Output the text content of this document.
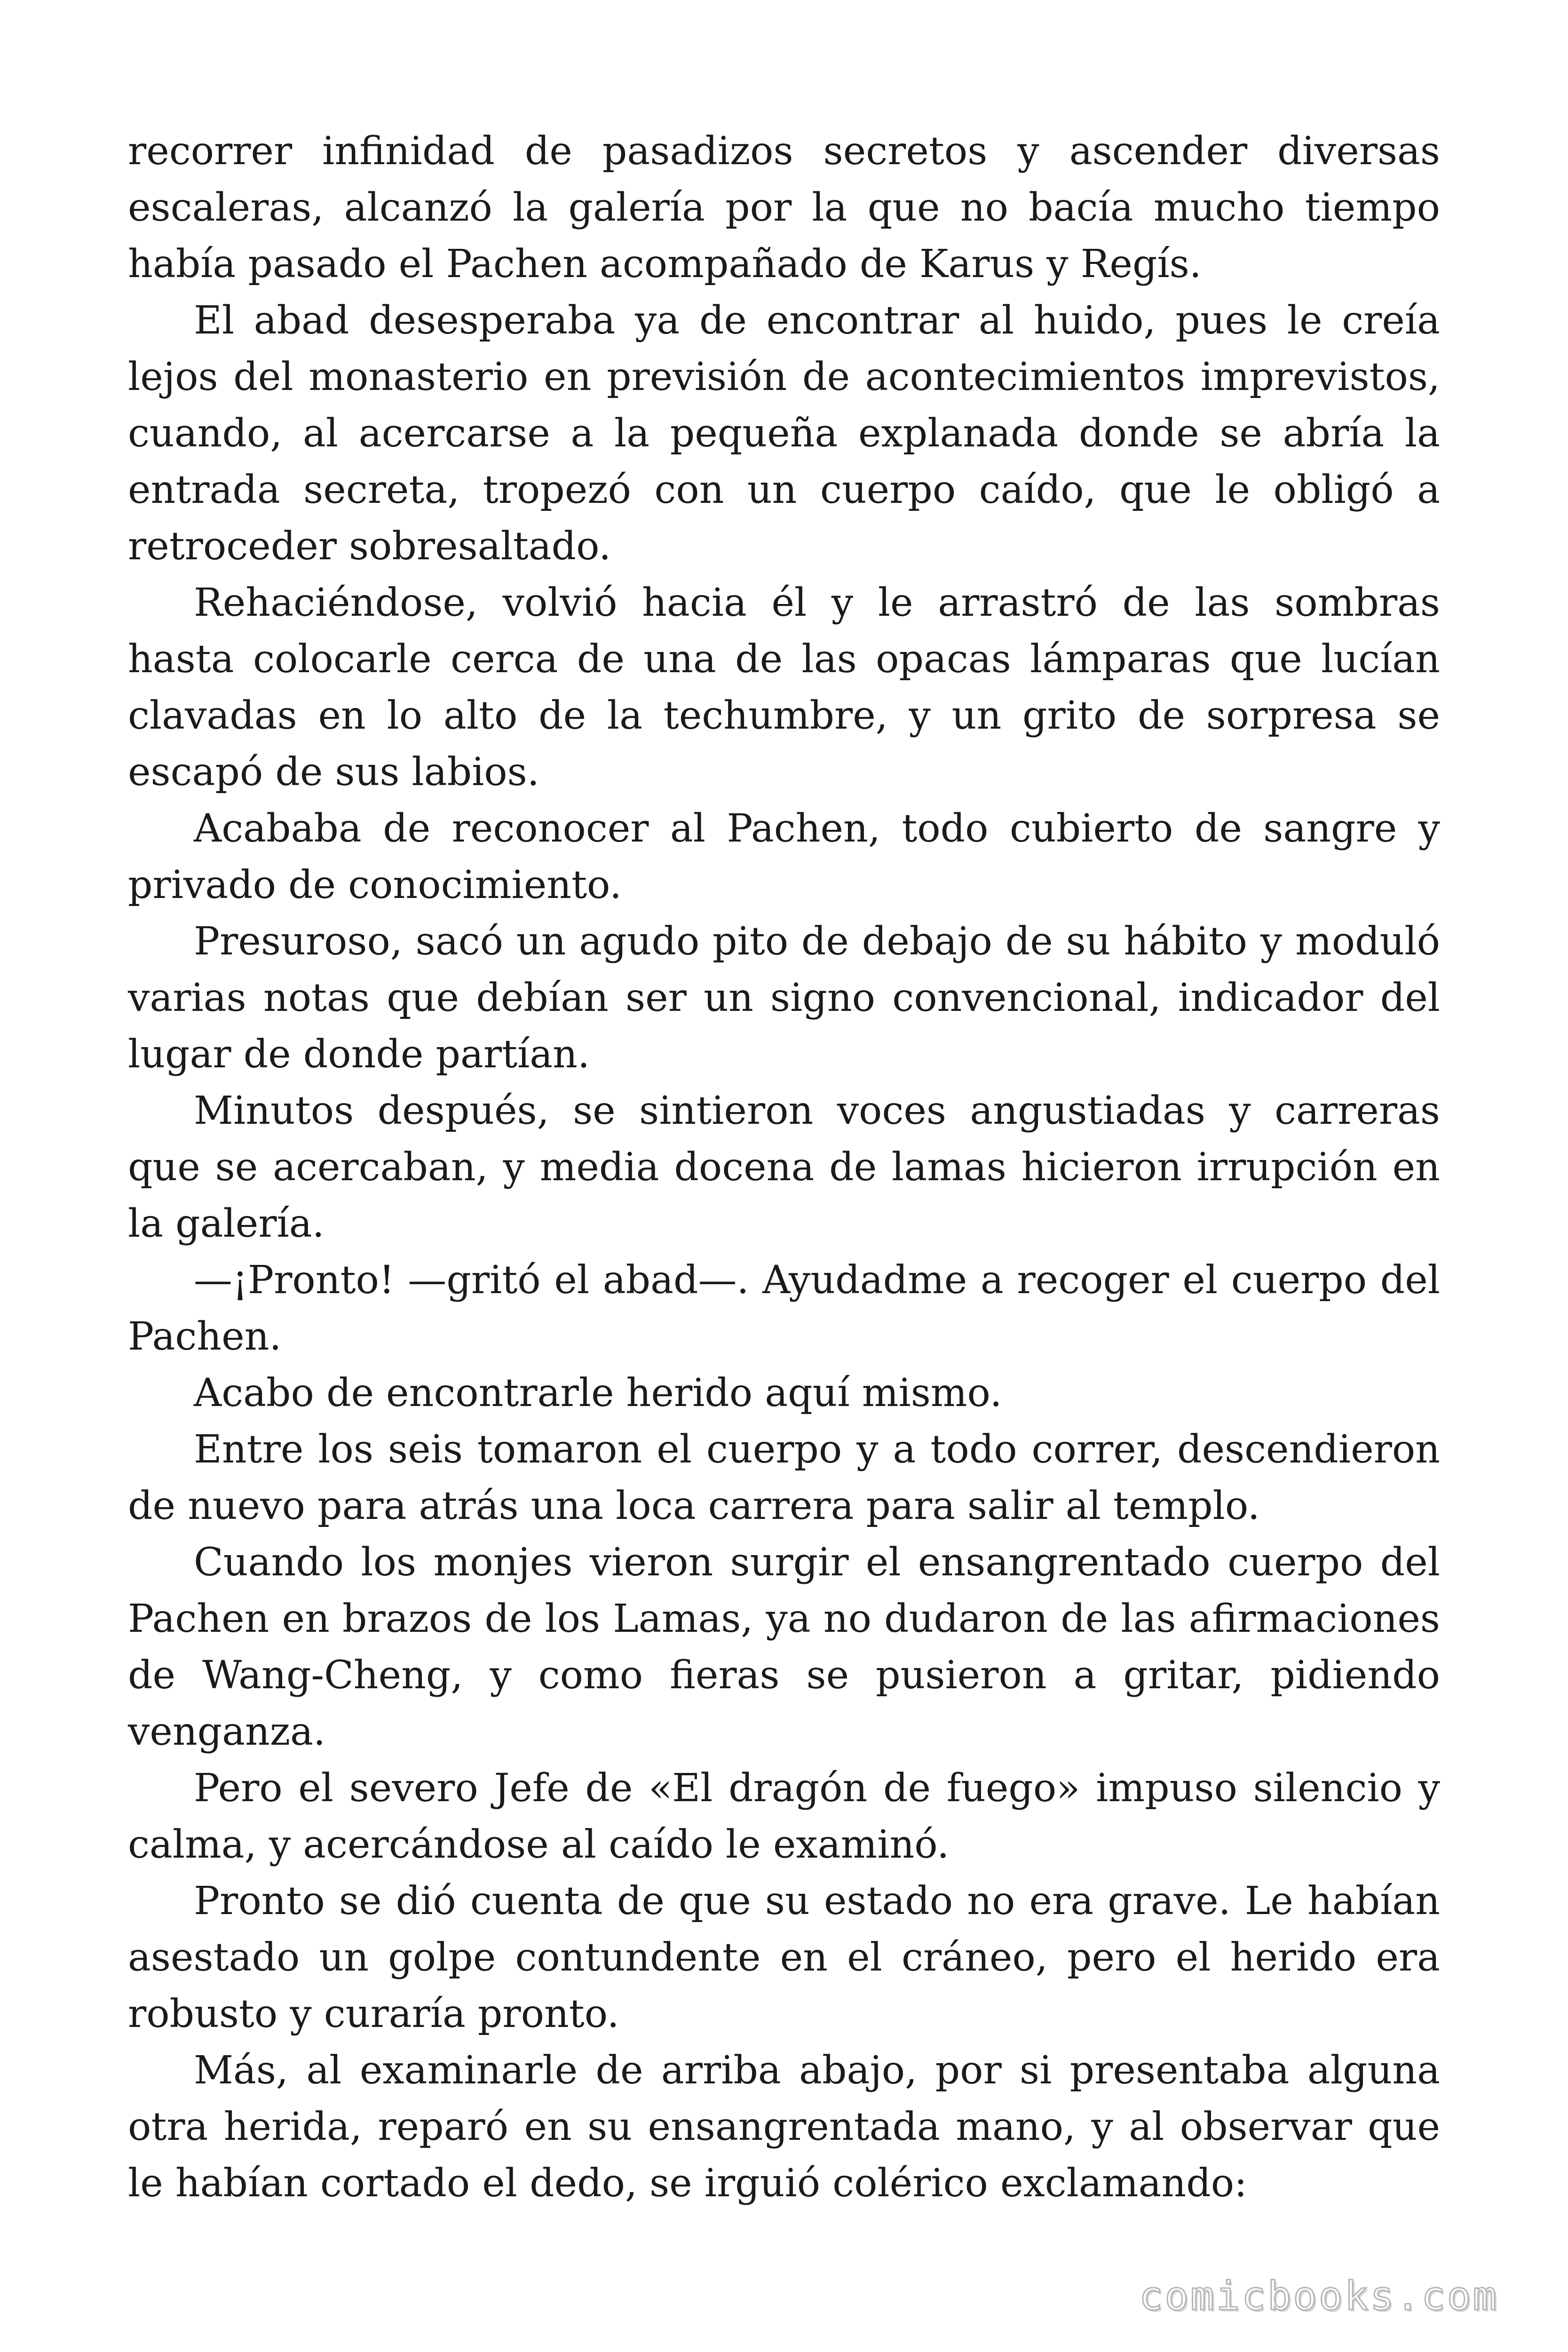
recorrer infinidad de pasadizos secretos y ascender diversas escaleras, alcanzó la galería por la que no bacía mucho tiempo había pasado el Pachen acompañado de Karus y Regís.

El abad desesperaba ya de encontrar al huido, pues le creía lejos del monasterio en previsión de acontecimientos imprevistos, cuando, al acercarse a la pequeña explanada donde se abría la entrada secreta, tropezó con un cuerpo caído, que le obligó a retroceder sobresaltado.

Rehaciéndose, volvió hacia él y le arrastró de las sombras hasta colocarle cerca de una de las opacas lámparas que lucían clavadas en lo alto de la techumbre, y un grito de sorpresa se escapó de sus labios.

Acababa de reconocer al Pachen, todo cubierto de sangre y privado de conocimiento.

Presuroso, sacó un agudo pito de debajo de su hábito y moduló varias notas que debían ser un signo convencional, indicador del lugar de donde partían.

Minutos después, se sintieron voces angustiadas y carreras que se acercaban, y media docena de lamas hicieron irrupción en la galería.

—¡Pronto! —gritó el abad—. Ayudadme a recoger el cuerpo del Pachen.

Acabo de encontrarle herido aquí mismo.

Entre los seis tomaron el cuerpo y a todo correr, descendieron de nuevo para atrás una loca carrera para salir al templo.

Cuando los monjes vieron surgir el ensangrentado cuerpo del Pachen en brazos de los Lamas, ya no dudaron de las afirmaciones de Wang-Cheng, y como fieras se pusieron a gritar, pidiendo venganza.

Pero el severo Jefe de «El dragón de fuego» impuso silencio y calma, y acercándose al caído le examinó.

Pronto se dió cuenta de que su estado no era grave. Le habían asestado un golpe contundente en el cráneo, pero el herido era robusto y curaría pronto.

Más, al examinarle de arriba abajo, por si presentaba alguna otra herida, reparó en su ensangrentada mano, y al observar que le habían cortado el dedo, se irguió colérico exclamando:

comicbooks.com
